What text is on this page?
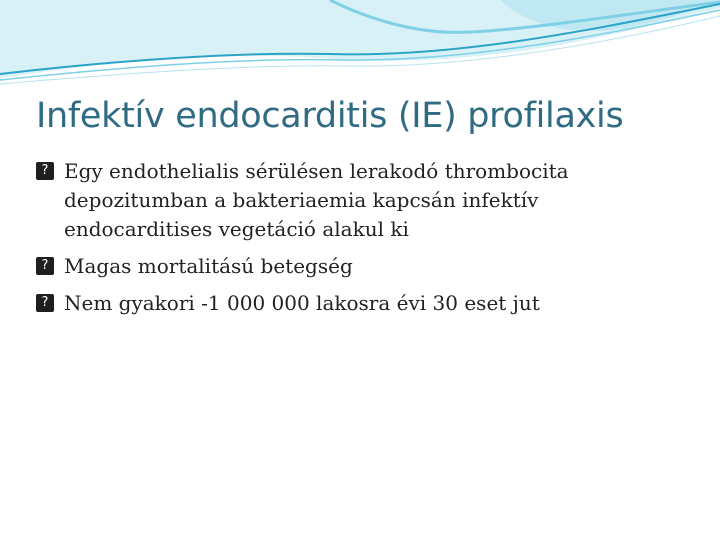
Infektív endocarditis (IE) profilaxis
? Egy endothelialis sérülésen lerakodó thrombocita depozitumban a bakteriaemia kapcsán infektív endocarditises vegetáció alakul ki
? Magas mortalitású betegség
? Nem gyakori -1 000 000 lakosra évi 30 eset jut
